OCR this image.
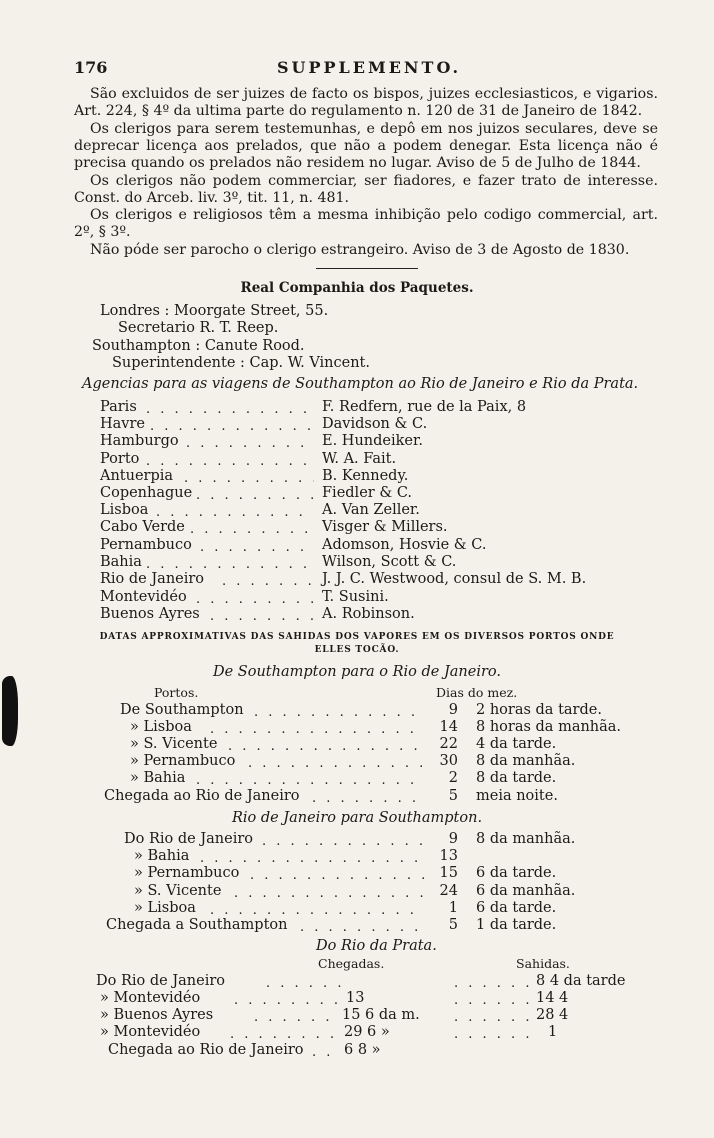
176	SUPPLEMENTO.
São excluidos de ser juizes de facto os bispos, juizes ecclesiasticos, e vigarios. Art. 224, § 4º da ultima parte do regulamento n. 120 de 31 de Janeiro de 1842.
Os clerigos para serem testemunhas, e depô em nos juizos seculares, deve se deprecar licença aos prelados, que não a podem denegar. Esta licença não é precisa quando os prelados não residem no lugar. Aviso de 5 de Julho de 1844.
Os clerigos não podem commerciar, ser fiadores, e fazer trato de interesse. Const. do Arceb. liv. 3º, tit. 11, n. 481.
Os clerigos e religiosos têm a mesma inhibição pelo codigo commercial, art. 2º, § 3º.
Não póde ser parocho o clerigo estrangeiro. Aviso de 3 de Agosto de 1830.
Real Companhia dos Paquetes.
Londres : Moorgate Street, 55.
Secretario R. T. Reep.
Southampton : Canute Rood.
Superintendente : Cap. W. Vincent.
Agencias para as viagens de Southampton ao Rio de Janeiro e Rio da Prata.
Paris . . .	F. Redfern, rue de la Paix, 8
Havre . . .	Davidson & C.
Hamburgo . . .	E. Hundeiker.
Porto . . .	W. A. Fait.
Antuerpia . . .	B. Kennedy.
Copenhague . . .	Fiedler & C.
Lisboa . . .	A. Van Zeller.
Cabo Verde . . .	Visger & Millers.
Pernambuco . . .	Adomson, Hosvie & C.
Bahia . . .	Wilson, Scott & C.
Rio de Janeiro . . .	J. J. C. Westwood, consul de S. M. B.
Montevidéo . . .	T. Susini.
Buenos Ayres . . .	A. Robinson.
DATAS APPROXIMATIVAS DAS SAHIDAS DOS VAPORES EM OS DIVERSOS PORTOS ONDE
ELLES TOCÃO.
De Southampton para o Rio de Janeiro.
Portos.	Dias do mez.
De Southampton . . .	9 2 horas da tarde.
» Lisboa . . .	14 8 horas da manhãa.
» S. Vicente . . .	22 4 da tarde.
» Pernambuco . . .	30 8 da manhãa.
» Bahia . . .	2 8 da tarde.
Chegada ao Rio de Janeiro . . .	5 meia noite.
Rio de Janeiro para Southampton.
Do Rio de Janeiro . . .	9 8 da manhãa.
» Bahia . . .	13
» Pernambuco . . .	15 6 da tarde.
» S. Vicente . . .	24 6 da manhãa.
» Lisboa . . .	1 6 da tarde.
Chegada a Southampton . . .	5 1 da tarde.
Do Rio da Prata.
Chegadas.	Sahidas.
Do Rio de Janeiro . . . . . .	8 4 da tarde
» Montevidéo . . .	13 . . .	14 4
» Buenos Ayres . . .	15 6 da m. . . .	28 4
» Montevidéo . . .	29 6 » . . .	1
Chegada ao Rio de Janeiro . . .	6 8 »
